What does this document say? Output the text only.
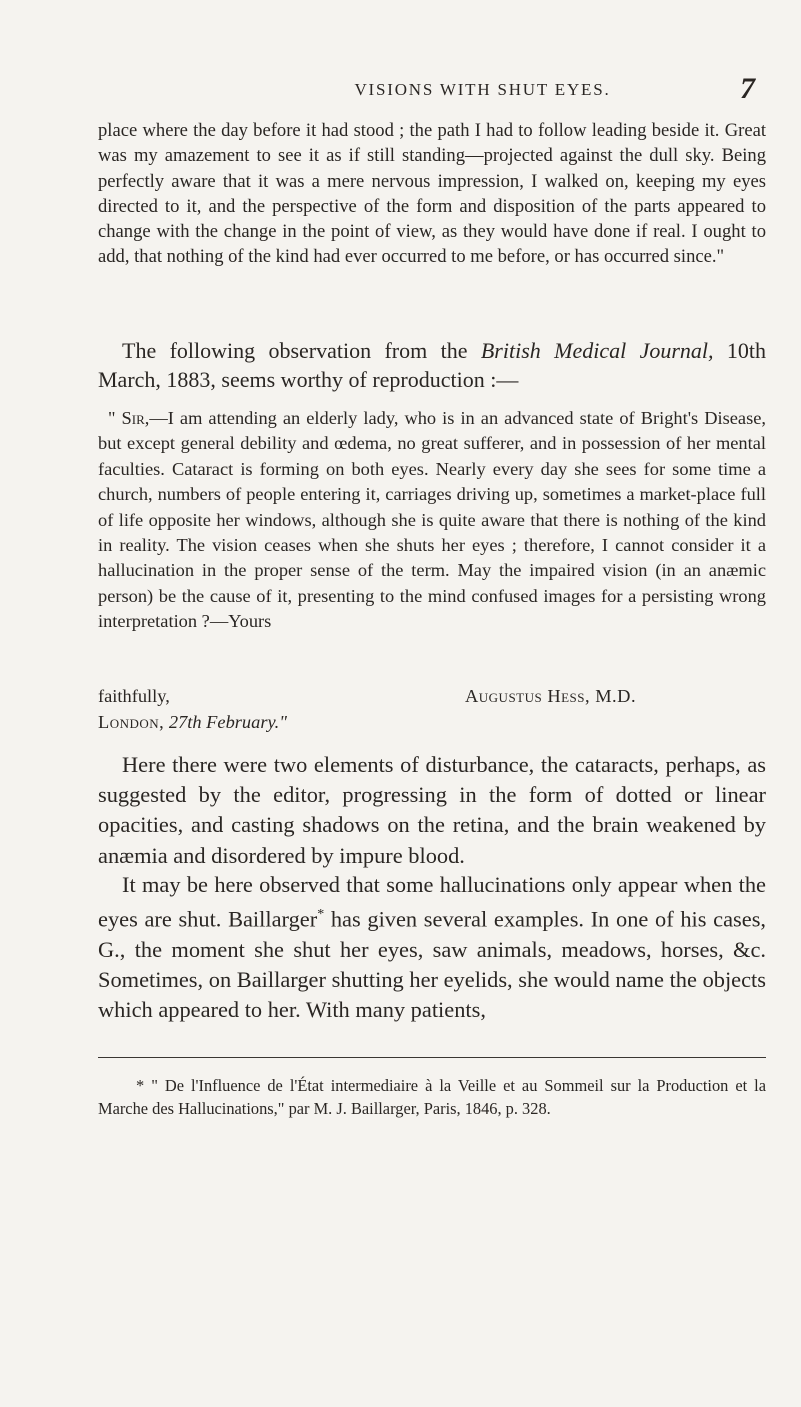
VISIONS WITH SHUT EYES.	7

place where the day before it had stood ; the path I had to follow leading beside it. Great was my amazement to see it as if still standing—projected against the dull sky. Being perfectly aware that it was a mere nervous impression, I walked on, keeping my eyes directed to it, and the perspective of the form and disposition of the parts appeared to change with the change in the point of view, as they would have done if real. I ought to add, that nothing of the kind had ever occurred to me before, or has occurred since."

The following observation from the British Medical Journal, 10th March, 1883, seems worthy of reproduction :—

" Sir,—I am attending an elderly lady, who is in an advanced state of Bright's Disease, but except general debility and œdema, no great sufferer, and in possession of her mental faculties. Cataract is forming on both eyes. Nearly every day she sees for some time a church, numbers of people entering it, carriages driving up, sometimes a market-place full of life opposite her windows, although she is quite aware that there is nothing of the kind in reality. The vision ceases when she shuts her eyes ; therefore, I cannot consider it a hallucination in the proper sense of the term. May the impaired vision (in an anæmic person) be the cause of it, presenting to the mind confused images for a persisting wrong interpretation ?—Yours

faithfully,	Augustus Hess, M.D.
London, 27th February."

Here there were two elements of disturbance, the cataracts, perhaps, as suggested by the editor, progressing in the form of dotted or linear opacities, and casting shadows on the retina, and the brain weakened by anæmia and disordered by impure blood.

It may be here observed that some hallucinations only appear when the eyes are shut. Baillarger* has given several examples. In one of his cases, G., the moment she shut her eyes, saw animals, meadows, horses, &c. Sometimes, on Baillarger shutting her eyelids, she would name the objects which appeared to her. With many patients,

* " De l'Influence de l'État intermediaire à la Veille et au Sommeil sur la Production et la Marche des Hallucinations," par M. J. Baillarger, Paris, 1846, p. 328.
